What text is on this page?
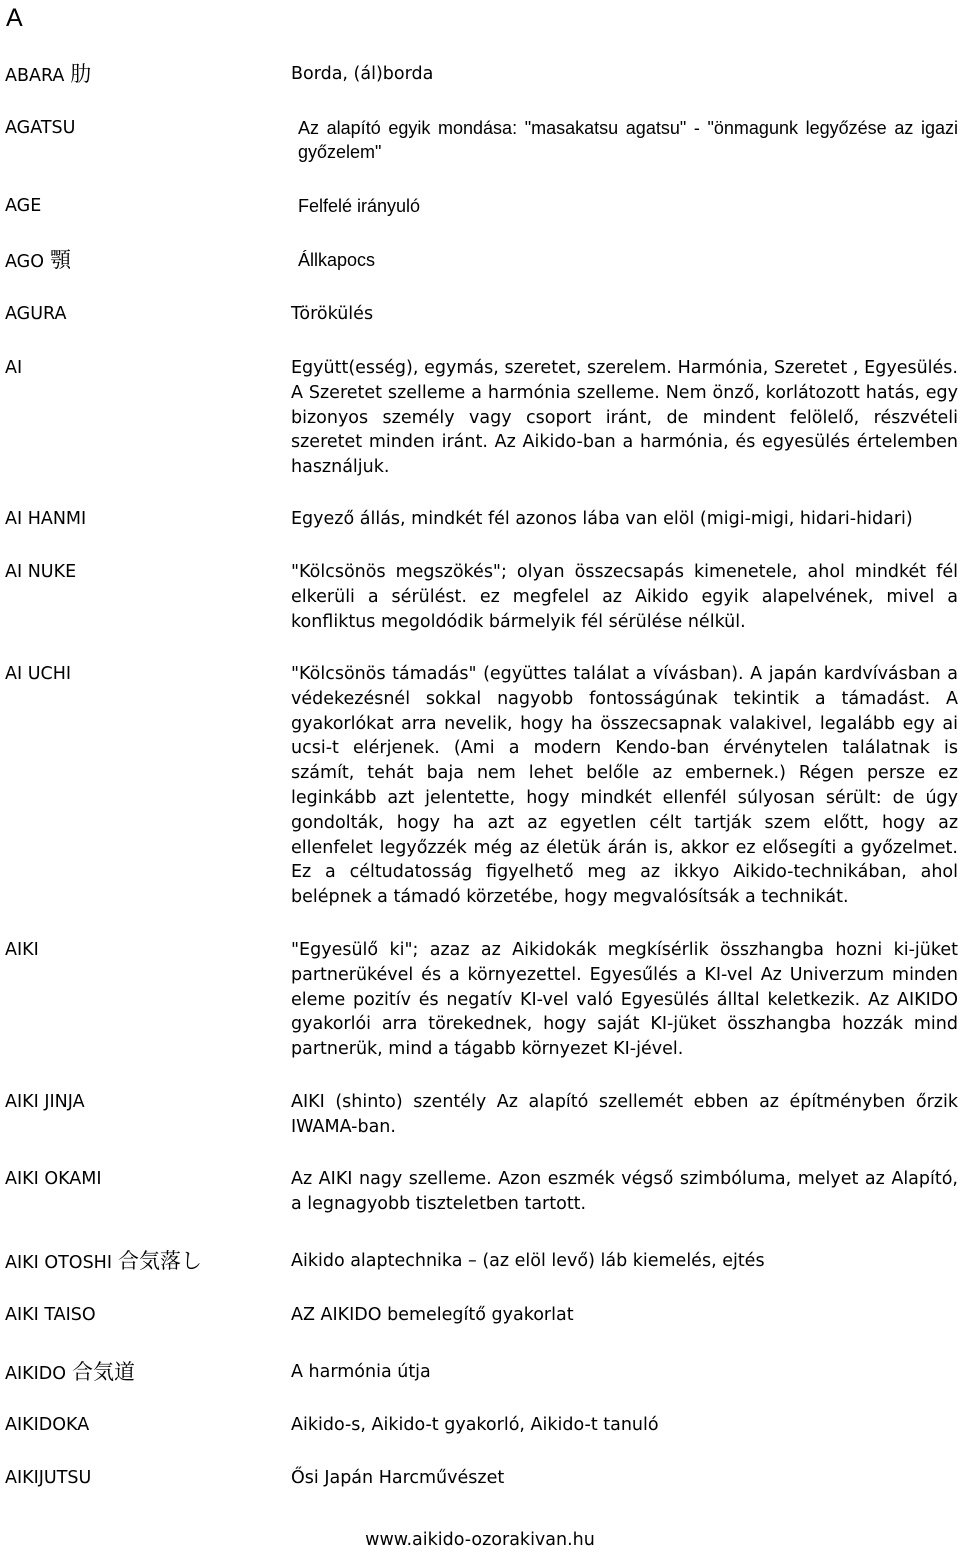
A
ABARA 肋	Borda, (ál)borda
AGATSU	Az alapító egyik mondása: "masakatsu agatsu" - "önmagunk legyőzése az igazi győzelem"
AGE	Felfelé irányuló
AGO 顎	Állkapocs
AGURA	Törökülés
AI	Együtt(esség), egymás, szeretet, szerelem. Harmónia, Szeretet , Egyesülés. A Szeretet szelleme a harmónia szelleme. Nem önző, korlátozott hatás, egy bizonyos személy vagy csoport iránt, de mindent felölelő, részvételi szeretet minden iránt. Az Aikido-ban a harmónia, és egyesülés értelemben használjuk.
AI HANMI	Egyező állás, mindkét fél azonos lába van elöl (migi-migi, hidari-hidari)
AI NUKE	"Kölcsönös megszökés"; olyan összecsapás kimenetele, ahol mindkét fél elkerüli a sérülést. ez megfelel az Aikido egyik alapelvének, mivel a konfliktus megoldódik bármelyik fél sérülése nélkül.
AI UCHI	"Kölcsönös támadás" (együttes találat a vívásban). A japán kardvívásban a védekezésnél sokkal nagyobb fontosságúnak tekintik a támadást. A gyakorlókat arra nevelik, hogy ha összecsapnak valakivel, legalább egy ai ucsi-t elérjenek. (Ami a modern Kendo-ban érvénytelen találatnak is számít, tehát baja nem lehet belőle az embernek.) Régen persze ez leginkább azt jelentette, hogy mindkét ellenfél súlyosan sérült: de úgy gondolták, hogy ha azt az egyetlen célt tartják szem előtt, hogy az ellenfelet legyőzzék még az életük árán is, akkor ez elősegíti a győzelmet. Ez a céltudatosság figyelhető meg az ikkyo Aikido-technikában, ahol belépnek a támadó körzetébe, hogy megvalósítsák a technikát.
AIKI	"Egyesülő ki"; azaz az Aikidokák megkísérlik összhangba hozni ki-jüket partnerükével és a környezettel. Egyesűlés a KI-vel Az Univerzum minden eleme pozitív és negatív KI-vel való Egyesülés álltal keletkezik. Az AIKIDO gyakorlói arra törekednek, hogy saját KI-jüket összhangba hozzák mind partnerük, mind a tágabb környezet KI-jével.
AIKI JINJA	AIKI (shinto) szentély Az alapító szellemét ebben az építményben őrzik IWAMA-ban.
AIKI OKAMI	Az AIKI nagy szelleme. Azon eszmék végső szimbóluma, melyet az Alapító, a legnagyobb tiszteletben tartott.
AIKI OTOSHI 合気落し	Aikido alaptechnika – (az elöl levő) láb kiemelés, ejtés
AIKI TAISO	AZ AIKIDO bemelegítő gyakorlat
AIKIDO 合気道	A harmónia útja
AIKIDOKA	Aikido-s, Aikido-t gyakorló, Aikido-t tanuló
AIKIJUTSU	Ősi Japán Harcművészet
www.aikido-ozorakivan.hu
